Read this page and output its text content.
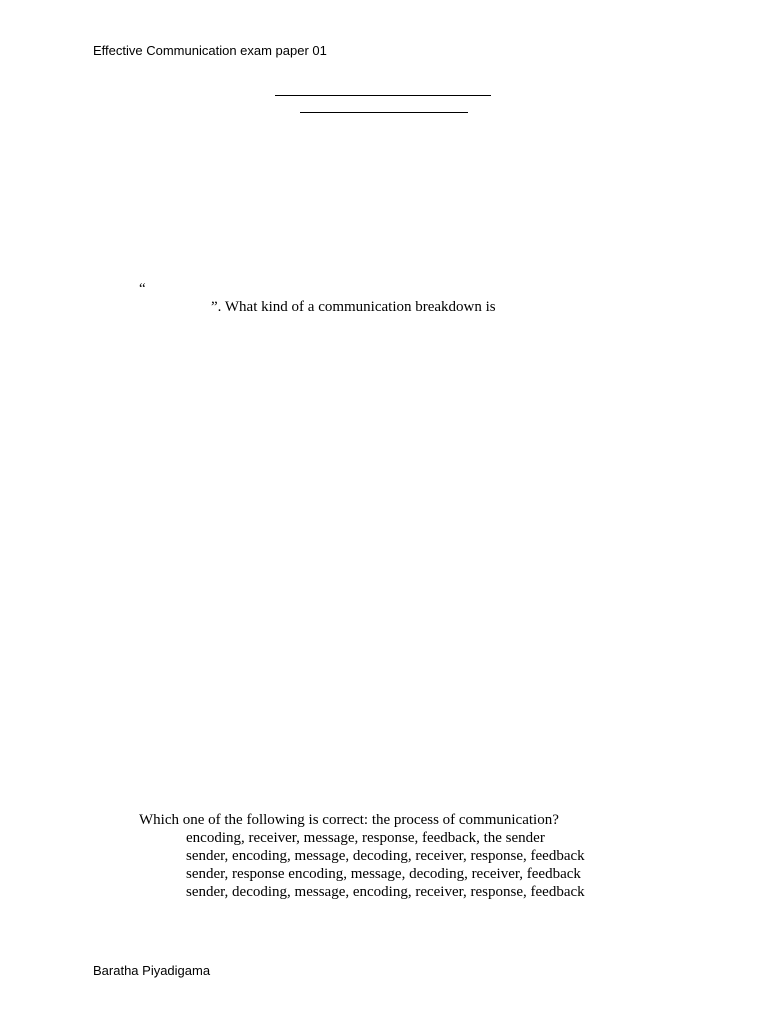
Effective Communication exam paper 01
“
”. What kind of a communication breakdown is
Which one of the following is correct: the process of communication?
encoding, receiver, message, response, feedback, the sender
sender, encoding, message, decoding, receiver, response, feedback
sender, response encoding, message, decoding, receiver, feedback
sender, decoding, message, encoding, receiver, response, feedback
Baratha Piyadigama
